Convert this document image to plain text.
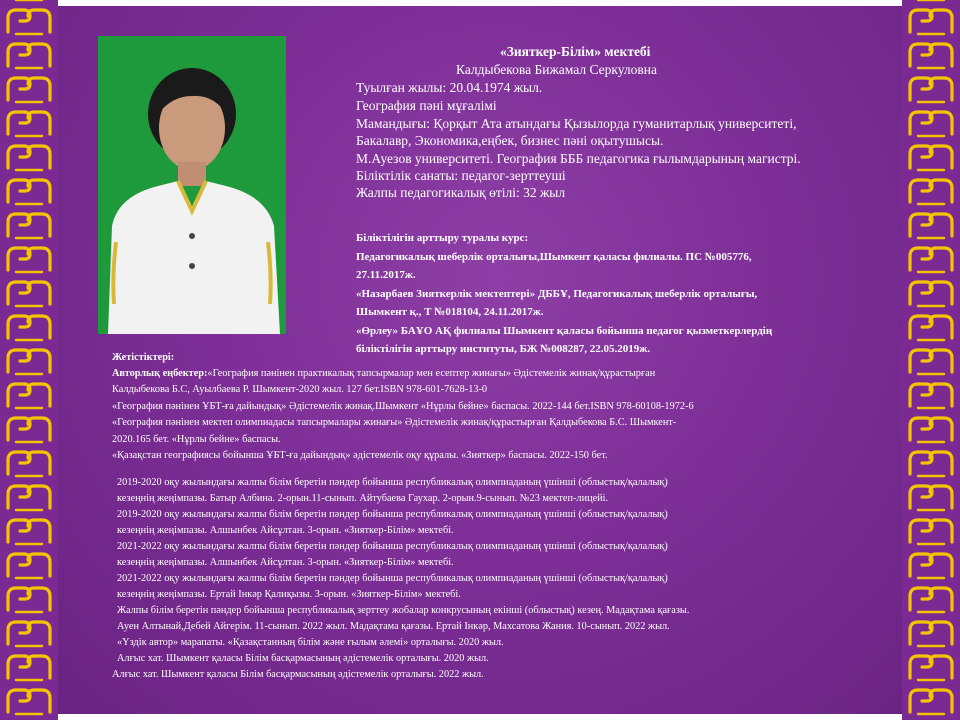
«Зияткер-Білім» мектебі
Калдыбекова Бижамал Серкуловна
Туылған жылы: 20.04.1974 жыл.
География пәні мұғалімі
Мамандығы: Қорқыт Ата атындағы Қызылорда гуманитарлық университеті,
Бакалавр, Экономика,еңбек, бизнес пәні оқытушысы.
М.Ауезов университеті. География БББ педагогика ғылымдарының магистрі.
Біліктілік санаты: педагог-зерттеуші
Жалпы педагогикалық өтілі: 32 жыл
Біліктілігін арттыру туралы курс:
Педагогикалық шеберлік орталығы,Шымкент қаласы филиалы. ПС №005776,
27.11.2017ж.
«Назарбаев Зияткерлік мектептері» ДББҰ, Педагогикалық шеберлік орталығы,
Шымкент қ., Т №018104, 24.11.2017ж.
«Өрлеу» БАҰО АҚ филиалы Шымкент қаласы бойынша педагог қызметкерлердің
біліктілігін арттыру институты, БЖ №008287, 22.05.2019ж.
Жетістіктері:
Авторлық еңбектер:«География пәнінен практикалық тапсырмалар мен есептер жинағы» Әдістемелік жинақ/құрастырған
Калдыбекова Б.С, Ауылбаева Р. Шымкент-2020 жыл. 127 бет.ISBN 978-601-7628-13-0
«География пәнінен ҰБТ-ға дайындық» Әдістемелік жинақ.Шымкент «Нұрлы бейне» баспасы. 2022-144 бет.ISBN 978-60108-1972-6
«География пәнінен мектеп олимпиадасы тапсырмалары жинағы» Әдістемелік жинақ/құрастырған Қалдыбекова Б.С. Шымкент-
2020.165 бет. «Нұрлы бейне» баспасы.
«Қазақстан географиясы бойынша ҰБТ-ға дайындық» әдістемелік оқу құралы. «Зияткер» баспасы. 2022-150 бет.
2019-2020 оқу жылындағы жалпы білім беретін пәндер бойынша республикалық олимпиаданың үшінші (облыстық/қалалық)
кезеңнің жеңімпазы. Батыр Албина. 2-орын.11-сынып. Айтубаева Гаухар. 2-орын.9-сынып. №23 мектеп-лицейі.
2019-2020 оқу жылындағы жалпы білім беретін пәндер бойынша республикалық олимпиаданың үшінші (облыстық/қалалық)
кезеңнің жеңімпазы. Алшынбек Айсұлтан. 3-орын. «Зияткер-Білім» мектебі.
2021-2022 оқу жылындағы жалпы білім беретін пәндер бойынша республикалық олимпиаданың үшінші (облыстық/қалалық)
кезеңнің жеңімпазы. Алшынбек Айсұлтан. 3-орын. «Зияткер-Білім» мектебі.
2021-2022 оқу жылындағы жалпы білім беретін пәндер бойынша республикалық олимпиаданың үшінші (облыстық/қалалық)
кезеңнің жеңімпазы. Ертай Інкәр Қалиқызы. 3-орын. «Зияткер-Білім» мектебі.
Жалпы білім беретін пәндер бойынша республикалық зерттеу жобалар конкрусының екінші (облыстық) кезең. Мадақтама қағазы.
Ауен Алтынай,Дебей Айгерім. 11-сынып. 2022 жыл. Мадақтама қағазы. Ертай Інкәр, Махсатова Жания. 10-сынып. 2022 жыл.
«Үздік автор» марапаты. «Қазақстанның білім және ғылым әлемі» орталығы. 2020 жыл.
Алғыс хат. Шымкент қаласы Білім басқармасының әдістемелік орталығы. 2020 жыл.
Алғыс хат. Шымкент қаласы Білім басқармасының әдістемелік орталығы. 2022 жыл.
